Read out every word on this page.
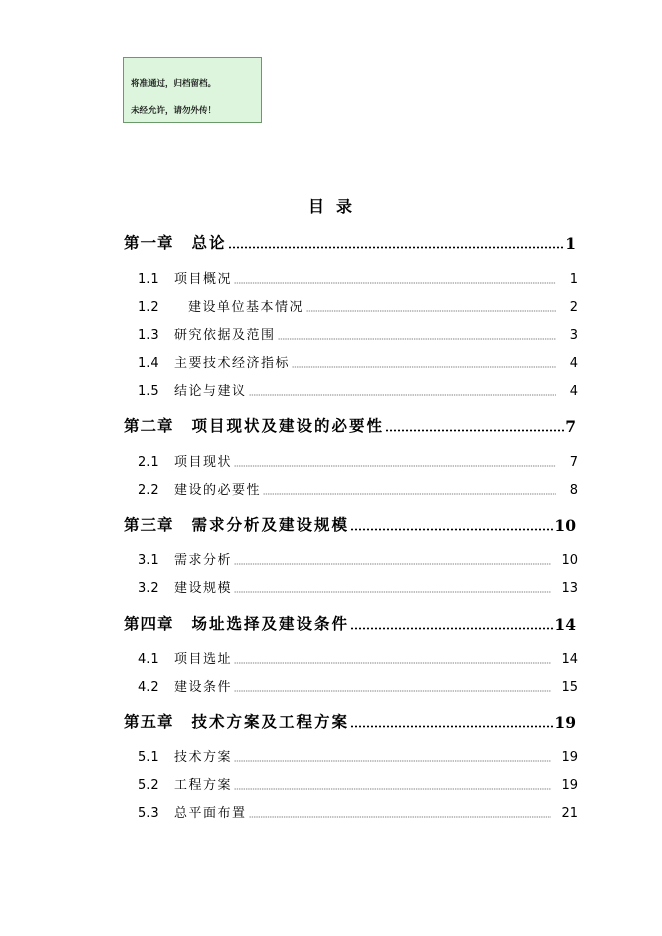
将准通过，归档留档。
未经允许，请勿外传！
目录
第一章 总论	1
1.1	项目概况	1
1.2	建设单位基本情况	2
1.3	研究依据及范围	3
1.4	主要技术经济指标	4
1.5	结论与建议	4
第二章 项目现状及建设的必要性	7
2.1	项目现状	7
2.2	建设的必要性	8
第三章 需求分析及建设规模	10
3.1	需求分析	10
3.2	建设规模	13
第四章 场址选择及建设条件	14
4.1	项目选址	14
4.2	建设条件	15
第五章 技术方案及工程方案	19
5.1	技术方案	19
5.2	工程方案	19
5.3	总平面布置	21
